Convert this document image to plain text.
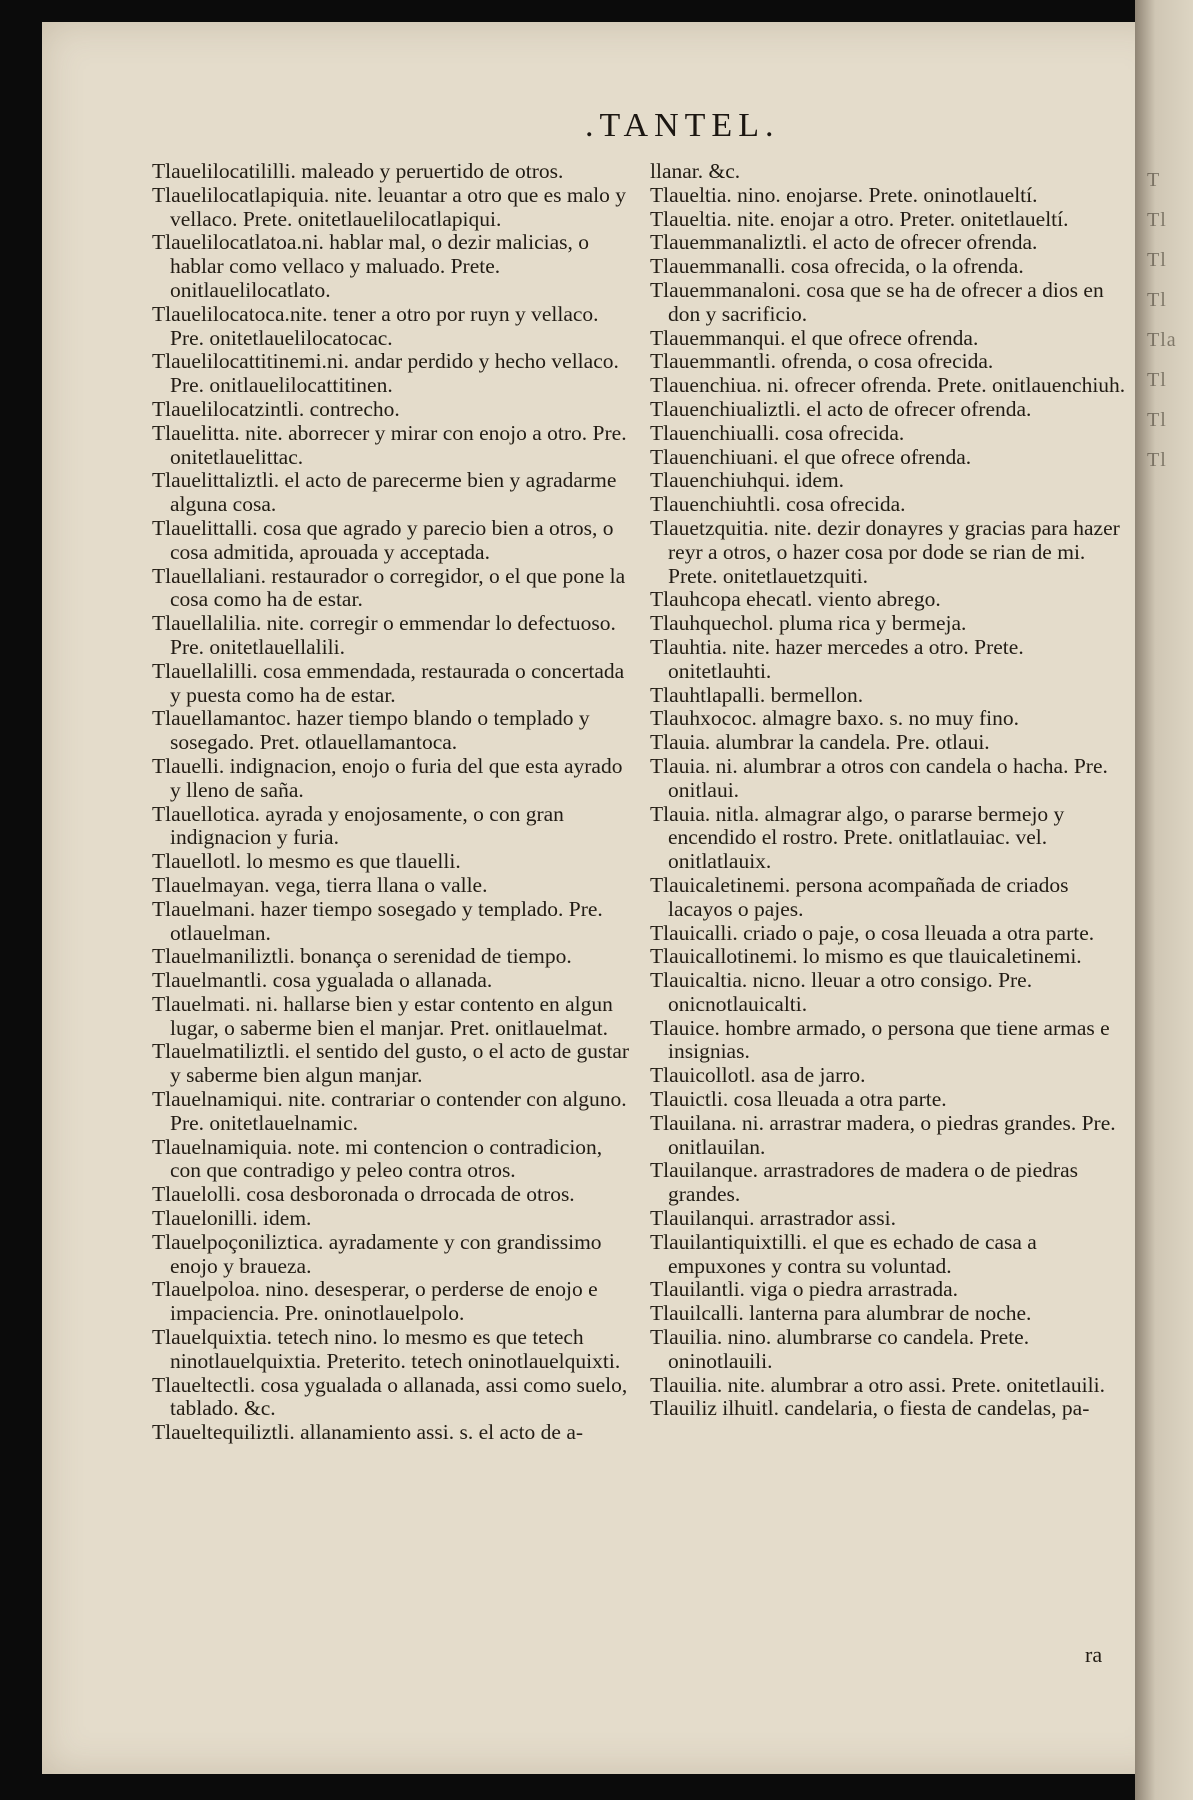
T
Tl
Tl
Tl
Tla
Tl
Tl
Tl
.TANTEL.

Tlauelilocatililli. maleado y peruertido de otros.

Tlauelilocatlapiquia. nite. leuantar a otro que es malo y vellaco. Prete. onitetlauelilocatlapiqui.

Tlauelilocatlatoa.ni. hablar mal, o dezir malicias, o hablar como vellaco y maluado. Prete. onitlauelilocatlato.

Tlauelilocatoca.nite. tener a otro por ruyn y vellaco. Pre. onitetlauelilocatocac.

Tlauelilocattitinemi.ni. andar perdido y hecho vellaco. Pre. onitlauelilocattitinen.

Tlauelilocatzintli. contrecho.

Tlauelitta. nite. aborrecer y mirar con enojo a otro. Pre. onitetlauelittac.

Tlauelittaliztli. el acto de parecerme bien y agradarme alguna cosa.

Tlauelittalli. cosa que agrado y parecio bien a otros, o cosa admitida, aprouada y acceptada.

Tlauellaliani. restaurador o corregidor, o el que pone la cosa como ha de estar.

Tlauellalilia. nite. corregir o emmendar lo defectuoso. Pre. onitetlauellalili.

Tlauellalilli. cosa emmendada, restaurada o concertada y puesta como ha de estar.

Tlauellamantoc. hazer tiempo blando o templado y sosegado. Pret. otlauellamantoca.

Tlauelli. indignacion, enojo o furia del que esta ayrado y lleno de saña.

Tlauellotica. ayrada y enojosamente, o con gran indignacion y furia.

Tlauellotl. lo mesmo es que tlauelli.

Tlauelmayan. vega, tierra llana o valle.

Tlauelmani. hazer tiempo sosegado y templado. Pre. otlauelman.

Tlauelmaniliztli. bonança o serenidad de tiempo.

Tlauelmantli. cosa ygualada o allanada.

Tlauelmati. ni. hallarse bien y estar contento en algun lugar, o saberme bien el manjar. Pret. onitlauelmat.

Tlauelmatiliztli. el sentido del gusto, o el acto de gustar y saberme bien algun manjar.

Tlauelnamiqui. nite. contrariar o contender con alguno. Pre. onitetlauelnamic.

Tlauelnamiquia. note. mi contencion o contradicion, con que contradigo y peleo contra otros.

Tlauelolli. cosa desboronada o drrocada de otros.

Tlauelonilli. idem.

Tlauelpoçoniliztica. ayradamente y con grandissimo enojo y braueza.

Tlauelpoloa. nino. desesperar, o perderse de enojo e impaciencia. Pre. oninotlauelpolo.

Tlauelquixtia. tetech nino. lo mesmo es que tetech ninotlauelquixtia. Preterito. tetech oninotlauelquixti.

Tlaueltectli. cosa ygualada o allanada, assi como suelo, tablado. &c.

Tlaueltequiliztli. allanamiento assi. s. el acto de a-

llanar. &c.

Tlaueltia. nino. enojarse. Prete. oninotlaueltí.

Tlaueltia. nite. enojar a otro. Preter. onitetlaueltí.

Tlauemmanaliztli. el acto de ofrecer ofrenda.

Tlauemmanalli. cosa ofrecida, o la ofrenda.

Tlauemmanaloni. cosa que se ha de ofrecer a dios en don y sacrificio.

Tlauemmanqui. el que ofrece ofrenda.

Tlauemmantli. ofrenda, o cosa ofrecida.

Tlauenchiua. ni. ofrecer ofrenda. Prete. onitlauenchiuh.

Tlauenchiualiztli. el acto de ofrecer ofrenda.

Tlauenchiualli. cosa ofrecida.

Tlauenchiuani. el que ofrece ofrenda.

Tlauenchiuhqui. idem.

Tlauenchiuhtli. cosa ofrecida.

Tlauetzquitia. nite. dezir donayres y gracias para hazer reyr a otros, o hazer cosa por dode se rian de mi. Prete. onitetlauetzquiti.

Tlauhcopa ehecatl. viento abrego.

Tlauhquechol. pluma rica y bermeja.

Tlauhtia. nite. hazer mercedes a otro. Prete. onitetlauhti.

Tlauhtlapalli. bermellon.

Tlauhxococ. almagre baxo. s. no muy fino.

Tlauia. alumbrar la candela. Pre. otlaui.

Tlauia. ni. alumbrar a otros con candela o hacha. Pre. onitlaui.

Tlauia. nitla. almagrar algo, o pararse bermejo y encendido el rostro. Prete. onitlatlauiac. vel. onitlatlauix.

Tlauicaletinemi. persona acompañada de criados lacayos o pajes.

Tlauicalli. criado o paje, o cosa lleuada a otra parte.

Tlauicallotinemi. lo mismo es que tlauicaletinemi.

Tlauicaltia. nicno. lleuar a otro consigo. Pre. onicnotlauicalti.

Tlauice. hombre armado, o persona que tiene armas e insignias.

Tlauicollotl. asa de jarro.

Tlauictli. cosa lleuada a otra parte.

Tlauilana. ni. arrastrar madera, o piedras grandes. Pre. onitlauilan.

Tlauilanque. arrastradores de madera o de piedras grandes.

Tlauilanqui. arrastrador assi.

Tlauilantiquixtilli. el que es echado de casa a empuxones y contra su voluntad.

Tlauilantli. viga o piedra arrastrada.

Tlauilcalli. lanterna para alumbrar de noche.

Tlauilia. nino. alumbrarse co candela. Prete. oninotlauili.

Tlauilia. nite. alumbrar a otro assi. Prete. onitetlauili.

Tlauiliz ilhuitl. candelaria, o fiesta de candelas, pa-

ra
